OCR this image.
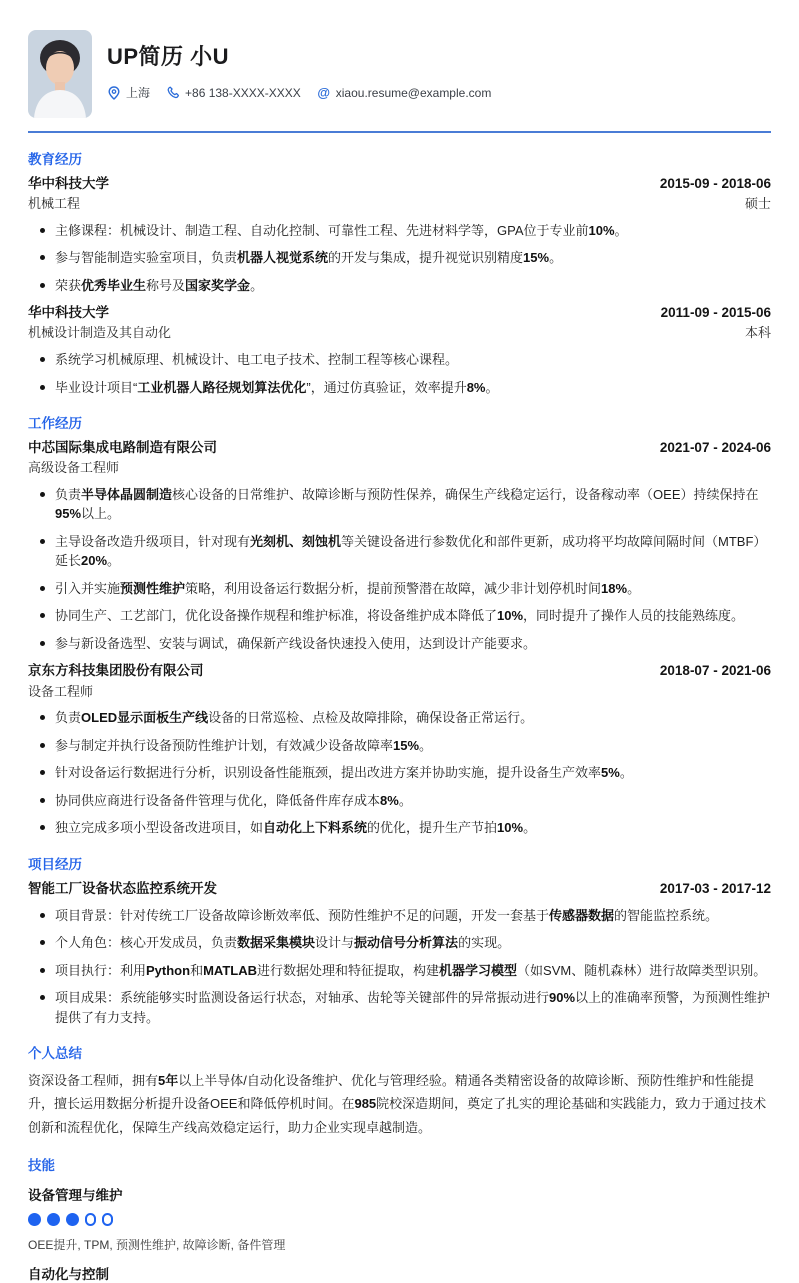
UP简历 小U
上海	+86 138-XXXX-XXXX @ xiaou.resume@example.com
教育经历
华中科技大学	2015-09 - 2018-06
机械工程	硕士
主修课程：机械设计、制造工程、自动化控制、可靠性工程、先进材料学等，GPA位于专业前10%。
参与智能制造实验室项目，负责机器人视觉系统的开发与集成，提升视觉识别精度15%。
荣获优秀毕业生称号及国家奖学金。
华中科技大学	2011-09 - 2015-06
机械设计制造及其自动化	本科
系统学习机械原理、机械设计、电工电子技术、控制工程等核心课程。
毕业设计项目“工业机器人路径规划算法优化”，通过仿真验证，效率提升8%。
工作经历
中芯国际集成电路制造有限公司	2021-07 - 2024-06
高级设备工程师
负责半导体晶圆制造核心设备的日常维护、故障诊断与预防性保养，确保生产线稳定运行，设备稼动率（OEE）持续保持在95%以上。
主导设备改造升级项目，针对现有光刻机、刻蚀机等关键设备进行参数优化和部件更新，成功将平均故障间隔时间（MTBF）延长20%。
引入并实施预测性维护策略，利用设备运行数据分析，提前预警潜在故障，减少非计划停机时间18%。
协同生产、工艺部门，优化设备操作规程和维护标准，将设备维护成本降低了10%，同时提升了操作人员的技能熟练度。
参与新设备选型、安装与调试，确保新产线设备快速投入使用，达到设计产能要求。
京东方科技集团股份有限公司	2018-07 - 2021-06
设备工程师
负责OLED显示面板生产线设备的日常巡检、点检及故障排除，确保设备正常运行。
参与制定并执行设备预防性维护计划，有效减少设备故障率15%。
针对设备运行数据进行分析，识别设备性能瓶颈，提出改进方案并协助实施，提升设备生产效率5%。
协同供应商进行设备备件管理与优化，降低备件库存成本8%。
独立完成多项小型设备改进项目，如自动化上下料系统的优化，提升生产节拍10%。
项目经历
智能工厂设备状态监控系统开发	2017-03 - 2017-12
项目背景：针对传统工厂设备故障诊断效率低、预防性维护不足的问题，开发一套基于传感器数据的智能监控系统。
个人角色：核心开发成员，负责数据采集模块设计与振动信号分析算法的实现。
项目执行：利用Python和MATLAB进行数据处理和特征提取，构建机器学习模型（如SVM、随机森林）进行故障类型识别。
项目成果：系统能够实时监测设备运行状态，对轴承、齿轮等关键部件的异常振动进行90%以上的准确率预警，为预测性维护提供了有力支持。
个人总结

资深设备工程师，拥有5年以上半导体/自动化设备维护、优化与管理经验。精通各类精密设备的故障诊断、预防性维护和性能提升，擅长运用数据分析提升设备OEE和降低停机时间。在985院校深造期间，奠定了扎实的理论基础和实践能力，致力于通过技术创新和流程优化，保障生产线高效稳定运行，助力企业实现卓越制造。

技能
设备管理与维护
OEE提升, TPM, 预测性维护, 故障诊断, 备件管理
自动化与控制
